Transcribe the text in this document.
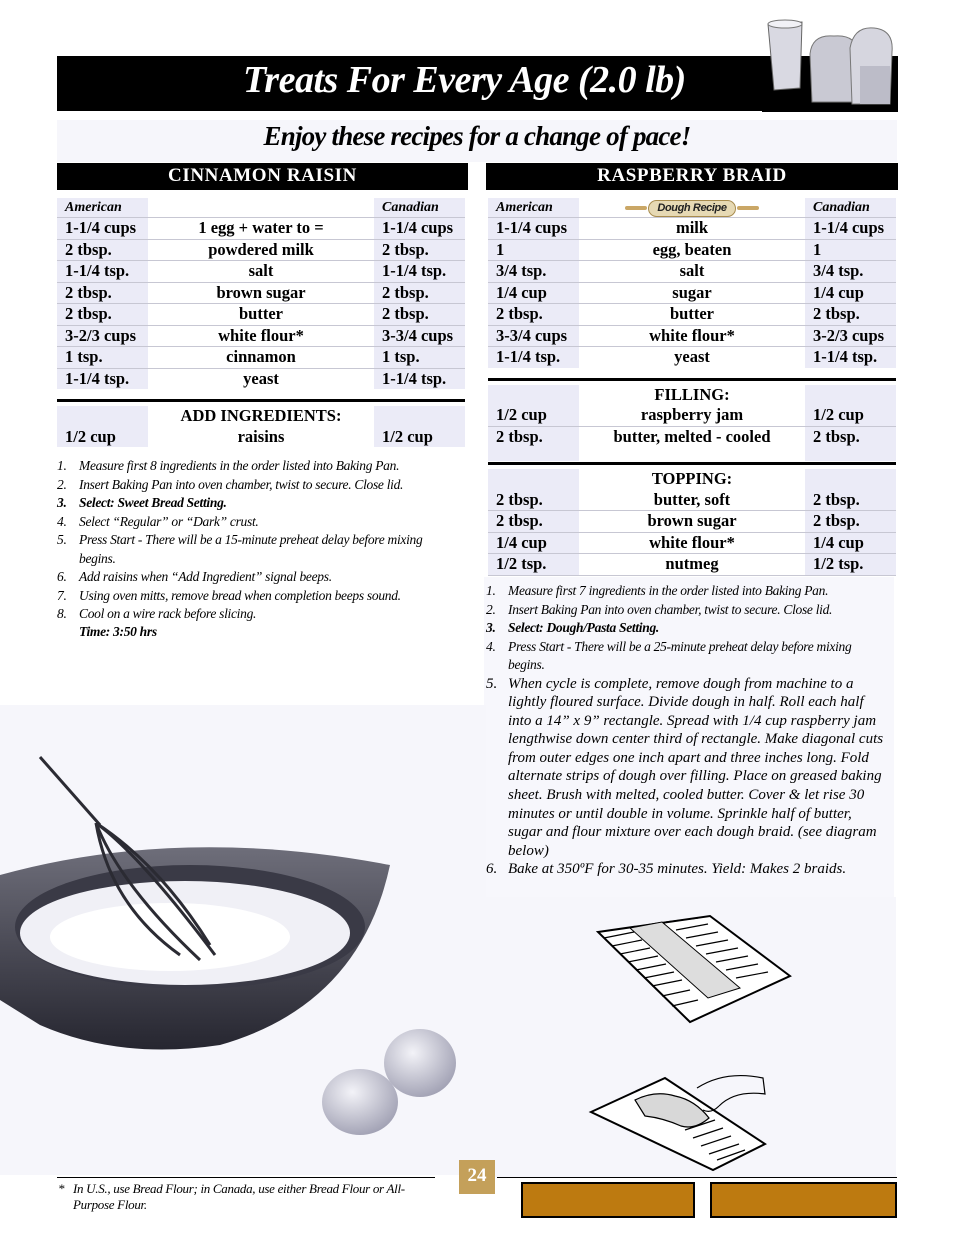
Treats For Every Age (2.0 lb)
Enjoy these recipes for a change of pace!
CINNAMON RAISIN	RASPBERRY BRAID
American		Canadian
1-1/4 cups	1 egg + water to =	1-1/4 cups
2 tbsp.	powdered milk	2 tbsp.
1-1/4 tsp.	salt	1-1/4 tsp.
2 tbsp.	brown sugar	2 tbsp.
2 tbsp.	butter	2 tbsp.
3-2/3 cups	white flour*	3-3/4 cups
1 tsp.	cinnamon	1 tsp.
1-1/4 tsp.	yeast	1-1/4 tsp.
	ADD INGREDIENTS:	
1/2 cup	raisins	1/2 cup
1. Measure first 8 ingredients in the order listed into Baking Pan.
2. Insert Baking Pan into oven chamber, twist to secure. Close lid.
3. Select: Sweet Bread Setting.
4. Select “Regular” or “Dark” crust.
5. Press Start - There will be a 15-minute preheat delay before mixing begins.
6. Add raisins when “Add Ingredient” signal beeps.
7. Using oven mitts, remove bread when completion beeps sound.
8. Cool on a wire rack before slicing.
Time: 3:50 hrs
American	Dough Recipe	Canadian
1-1/4 cups	milk	1-1/4 cups
1	egg, beaten	1
3/4 tsp.	salt	3/4 tsp.
1/4 cup	sugar	1/4 cup
2 tbsp.	butter	2 tbsp.
3-3/4 cups	white flour*	3-2/3 cups
1-1/4 tsp.	yeast	1-1/4 tsp.
	FILLING:	
1/2 cup	raspberry jam	1/2 cup
2 tbsp.	butter, melted - cooled	2 tbsp.

	TOPPING:	
2 tbsp.	butter, soft	2 tbsp.
2 tbsp.	brown sugar	2 tbsp.
1/4 cup	white flour*	1/4 cup
1/2 tsp.	nutmeg	1/2 tsp.
1. Measure first 7 ingredients in the order listed into Baking Pan.
2. Insert Baking Pan into oven chamber, twist to secure. Close lid.
3. Select: Dough/Pasta Setting.
4. Press Start - There will be a 25-minute preheat delay before mixing begins.
5. When cycle is complete, remove dough from machine to a lightly floured surface. Divide dough in half. Roll each half into a 14” x 9” rectangle. Spread with 1/4 cup raspberry jam lengthwise down center third of rectangle. Make diagonal cuts from outer edges one inch apart and three inches long. Fold alternate strips of dough over filling. Place on greased baking sheet. Brush with melted, cooled butter. Cover & let rise 30 minutes or until double in volume. Sprinkle half of butter, sugar and flour mixture over each dough braid. (see diagram below)
6. Bake at 350ºF for 30-35 minutes. Yield: Makes 2 braids.
24
* In U.S., use Bread Flour; in Canada, use either Bread Flour or All-Purpose Flour.
